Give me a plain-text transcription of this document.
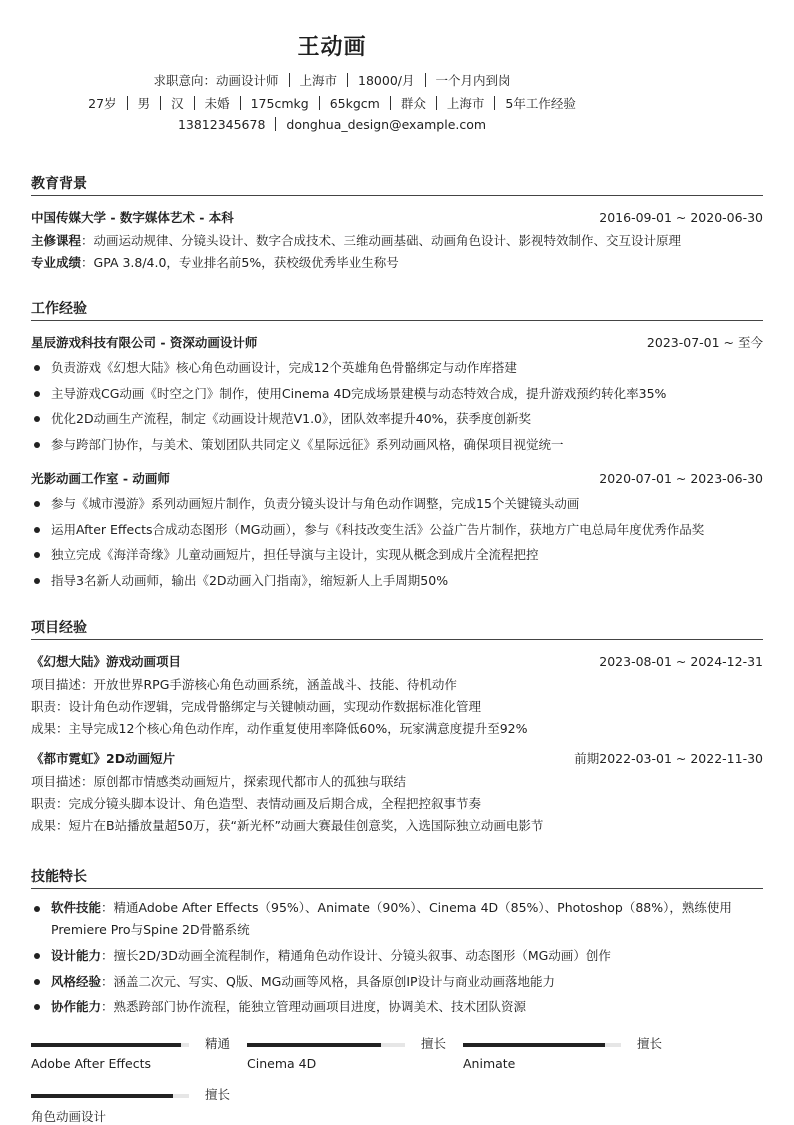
王动画
求职意向：动画设计师 上海市 18000/月 一个月内到岗
27岁 男 汉 未婚 175cmkg 65kgcm 群众 上海市 5年工作经验
13812345678 donghua_design@example.com
教育背景
中国传媒大学 - 数字媒体艺术 - 本科	2016-09-01 ~ 2020-06-30
主修课程：动画运动规律、分镜头设计、数字合成技术、三维动画基础、动画角色设计、影视特效制作、交互设计原理
专业成绩：GPA 3.8/4.0，专业排名前5%，获校级优秀毕业生称号
工作经验
星辰游戏科技有限公司 - 资深动画设计师	2023-07-01 ~ 至今
负责游戏《幻想大陆》核心角色动画设计，完成12个英雄角色骨骼绑定与动作库搭建
主导游戏CG动画《时空之门》制作，使用Cinema 4D完成场景建模与动态特效合成，提升游戏预约转化率35%
优化2D动画生产流程，制定《动画设计规范V1.0》，团队效率提升40%，获季度创新奖
参与跨部门协作，与美术、策划团队共同定义《星际远征》系列动画风格，确保项目视觉统一
光影动画工作室 - 动画师	2020-07-01 ~ 2023-06-30
参与《城市漫游》系列动画短片制作，负责分镜头设计与角色动作调整，完成15个关键镜头动画
运用After Effects合成动态图形（MG动画），参与《科技改变生活》公益广告片制作，获地方广电总局年度优秀作品奖
独立完成《海洋奇缘》儿童动画短片，担任导演与主设计，实现从概念到成片全流程把控
指导3名新人动画师，输出《2D动画入门指南》，缩短新人上手周期50%
项目经验
《幻想大陆》游戏动画项目	2023-08-01 ~ 2024-12-31
项目描述：开放世界RPG手游核心角色动画系统，涵盖战斗、技能、待机动作
职责：设计角色动作逻辑，完成骨骼绑定与关键帧动画，实现动作数据标准化管理
成果：主导完成12个核心角色动作库，动作重复使用率降低60%，玩家满意度提升至92%
《都市霓虹》2D动画短片	前期2022-03-01 ~ 2022-11-30
项目描述：原创都市情感类动画短片，探索现代都市人的孤独与联结
职责：完成分镜头脚本设计、角色造型、表情动画及后期合成，全程把控叙事节奏
成果：短片在B站播放量超50万，获“新光杯”动画大赛最佳创意奖，入选国际独立动画电影节
技能特长
软件技能：精通Adobe After Effects（95%）、Animate（90%）、Cinema 4D（85%）、Photoshop（88%），熟练使用Premiere Pro与Spine 2D骨骼系统
设计能力：擅长2D/3D动画全流程制作，精通角色动作设计、分镜头叙事、动态图形（MG动画）创作
风格经验：涵盖二次元、写实、Q版、MG动画等风格，具备原创IP设计与商业动画落地能力
协作能力：熟悉跨部门协作流程，能独立管理动画项目进度，协调美术、技术团队资源
精通
Adobe After Effects
擅长
Cinema 4D
擅长
Animate
擅长
角色动画设计
